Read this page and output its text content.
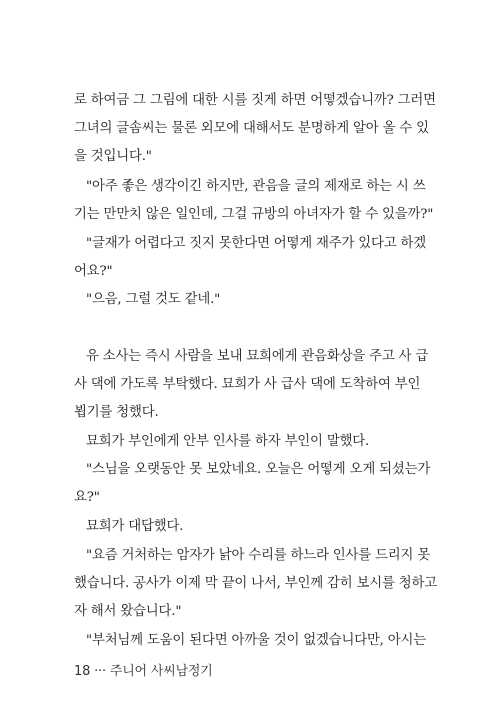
로 하여금 그 그림에 대한 시를 짓게 하면 어떻겠습니까? 그러면
그녀의 글솜씨는 물론 외모에 대해서도 분명하게 알아 올 수 있
을 것입니다."
"아주 좋은 생각이긴 하지만, 관음을 글의 제재로 하는 시 쓰
기는 만만치 않은 일인데, 그걸 규방의 아녀자가 할 수 있을까?"
"글재가 어렵다고 짓지 못한다면 어떻게 재주가 있다고 하겠
어요?"
"으음, 그럴 것도 같네."
유 소사는 즉시 사람을 보내 묘희에게 관음화상을 주고 사 급
사 댁에 가도록 부탁했다. 묘희가 사 급사 댁에 도착하여 부인
뵙기를 청했다.
묘희가 부인에게 안부 인사를 하자 부인이 말했다.
"스님을 오랫동안 못 보았네요. 오늘은 어떻게 오게 되셨는가
요?"
묘희가 대답했다.
"요즘 거처하는 암자가 낡아 수리를 하느라 인사를 드리지 못
했습니다. 공사가 이제 막 끝이 나서, 부인께 감히 보시를 청하고
자 해서 왔습니다."
"부처님께 도움이 된다면 아까울 것이 없겠습니다만, 아시는
18 ··· 주니어 사씨남정기
